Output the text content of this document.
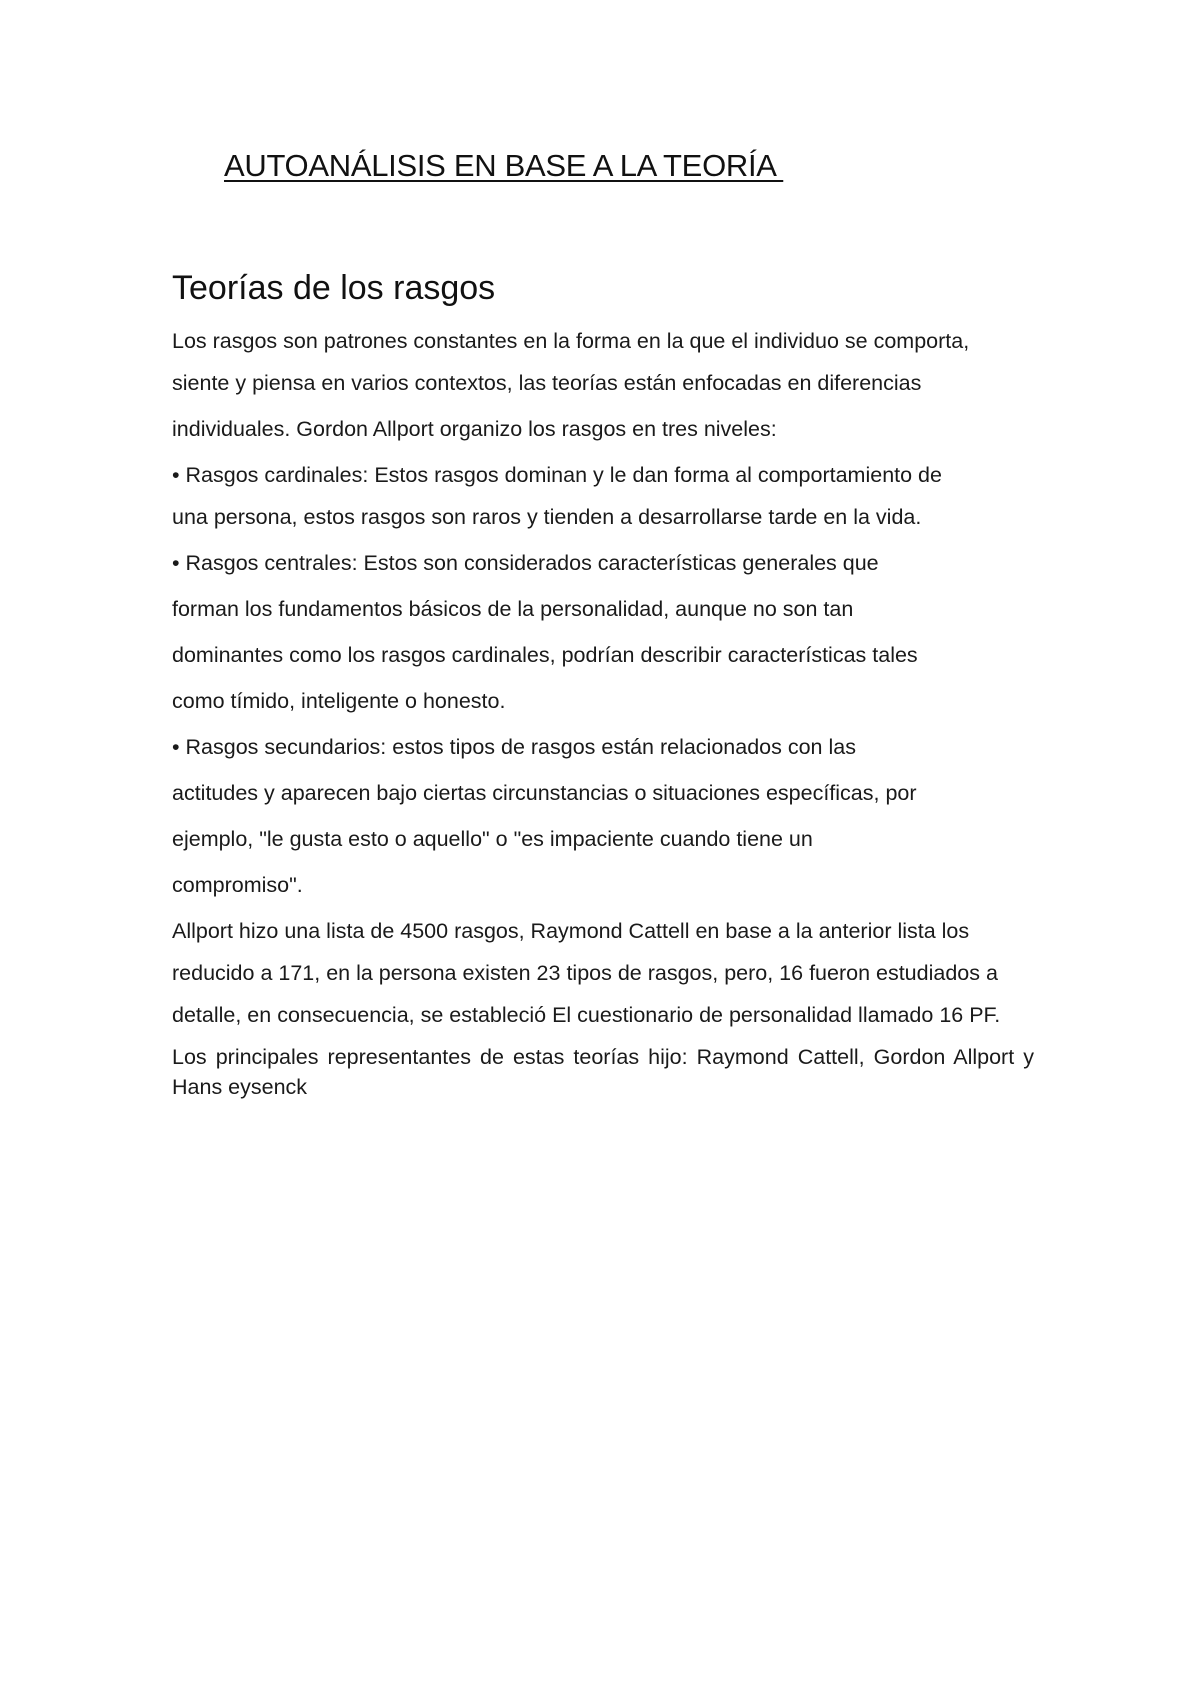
AUTOANÁLISIS EN BASE A LA TEORÍA
Teorías de los rasgos

Los rasgos son patrones constantes en la forma en la que el individuo se comporta,

siente y piensa en varios contextos, las teorías están enfocadas en diferencias

individuales. Gordon Allport organizo los rasgos en tres niveles:

• Rasgos cardinales: Estos rasgos dominan y le dan forma al comportamiento de

una persona, estos rasgos son raros y tienden a desarrollarse tarde en la vida.

• Rasgos centrales: Estos son considerados características generales que

forman los fundamentos básicos de la personalidad, aunque no son tan

dominantes como los rasgos cardinales, podrían describir características tales

como tímido, inteligente o honesto.

• Rasgos secundarios: estos tipos de rasgos están relacionados con las

actitudes y aparecen bajo ciertas circunstancias o situaciones específicas, por

ejemplo, "le gusta esto o aquello" o "es impaciente cuando tiene un

compromiso".

Allport hizo una lista de 4500 rasgos, Raymond Cattell en base a la anterior lista los

reducido a 171, en la persona existen 23 tipos de rasgos, pero, 16 fueron estudiados a

detalle, en consecuencia, se estableció El cuestionario de personalidad llamado 16 PF.

Los principales representantes de estas teorías hijo: Raymond Cattell, Gordon Allport y Hans eysenck
